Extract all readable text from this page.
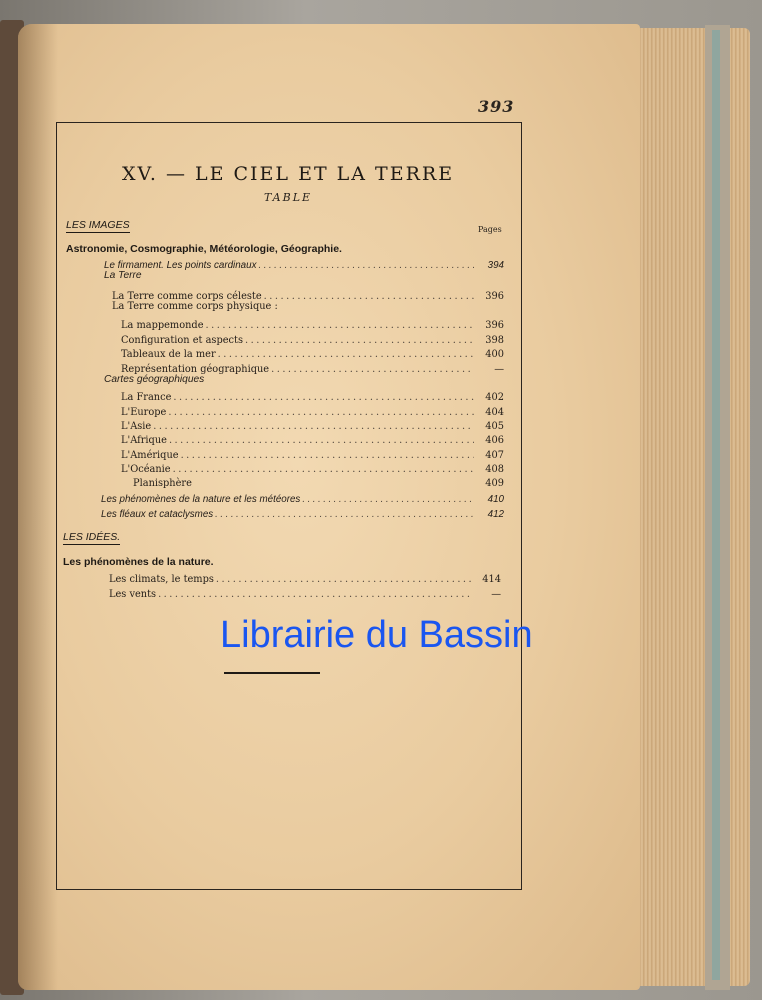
393
XV. — LE CIEL ET LA TERRE
TABLE
LES IMAGES	Pages
Astronomie, Cosmographie, Météorologie, Géographie.
Le firmament. Les points cardinaux .....	394
La Terre
La Terre comme corps céleste .....	396
La Terre comme corps physique :
La mappemonde .....	396
Configuration et aspects .....	398
Tableaux de la mer .....	400
Représentation géographique .....	—
Cartes géographiques
La France .....	402
L'Europe .....	404
L'Asie .....	405
L'Afrique .....	406
L'Amérique .....	407
L'Océanie .....	408
Planisphère	409
Les phénomènes de la nature et les météores .....	410
Les fléaux et cataclysmes .....	412
LES IDÉES.
Les phénomènes de la nature.
Les climats, le temps .....	414
Les vents .....	—
Librairie du Bassin
